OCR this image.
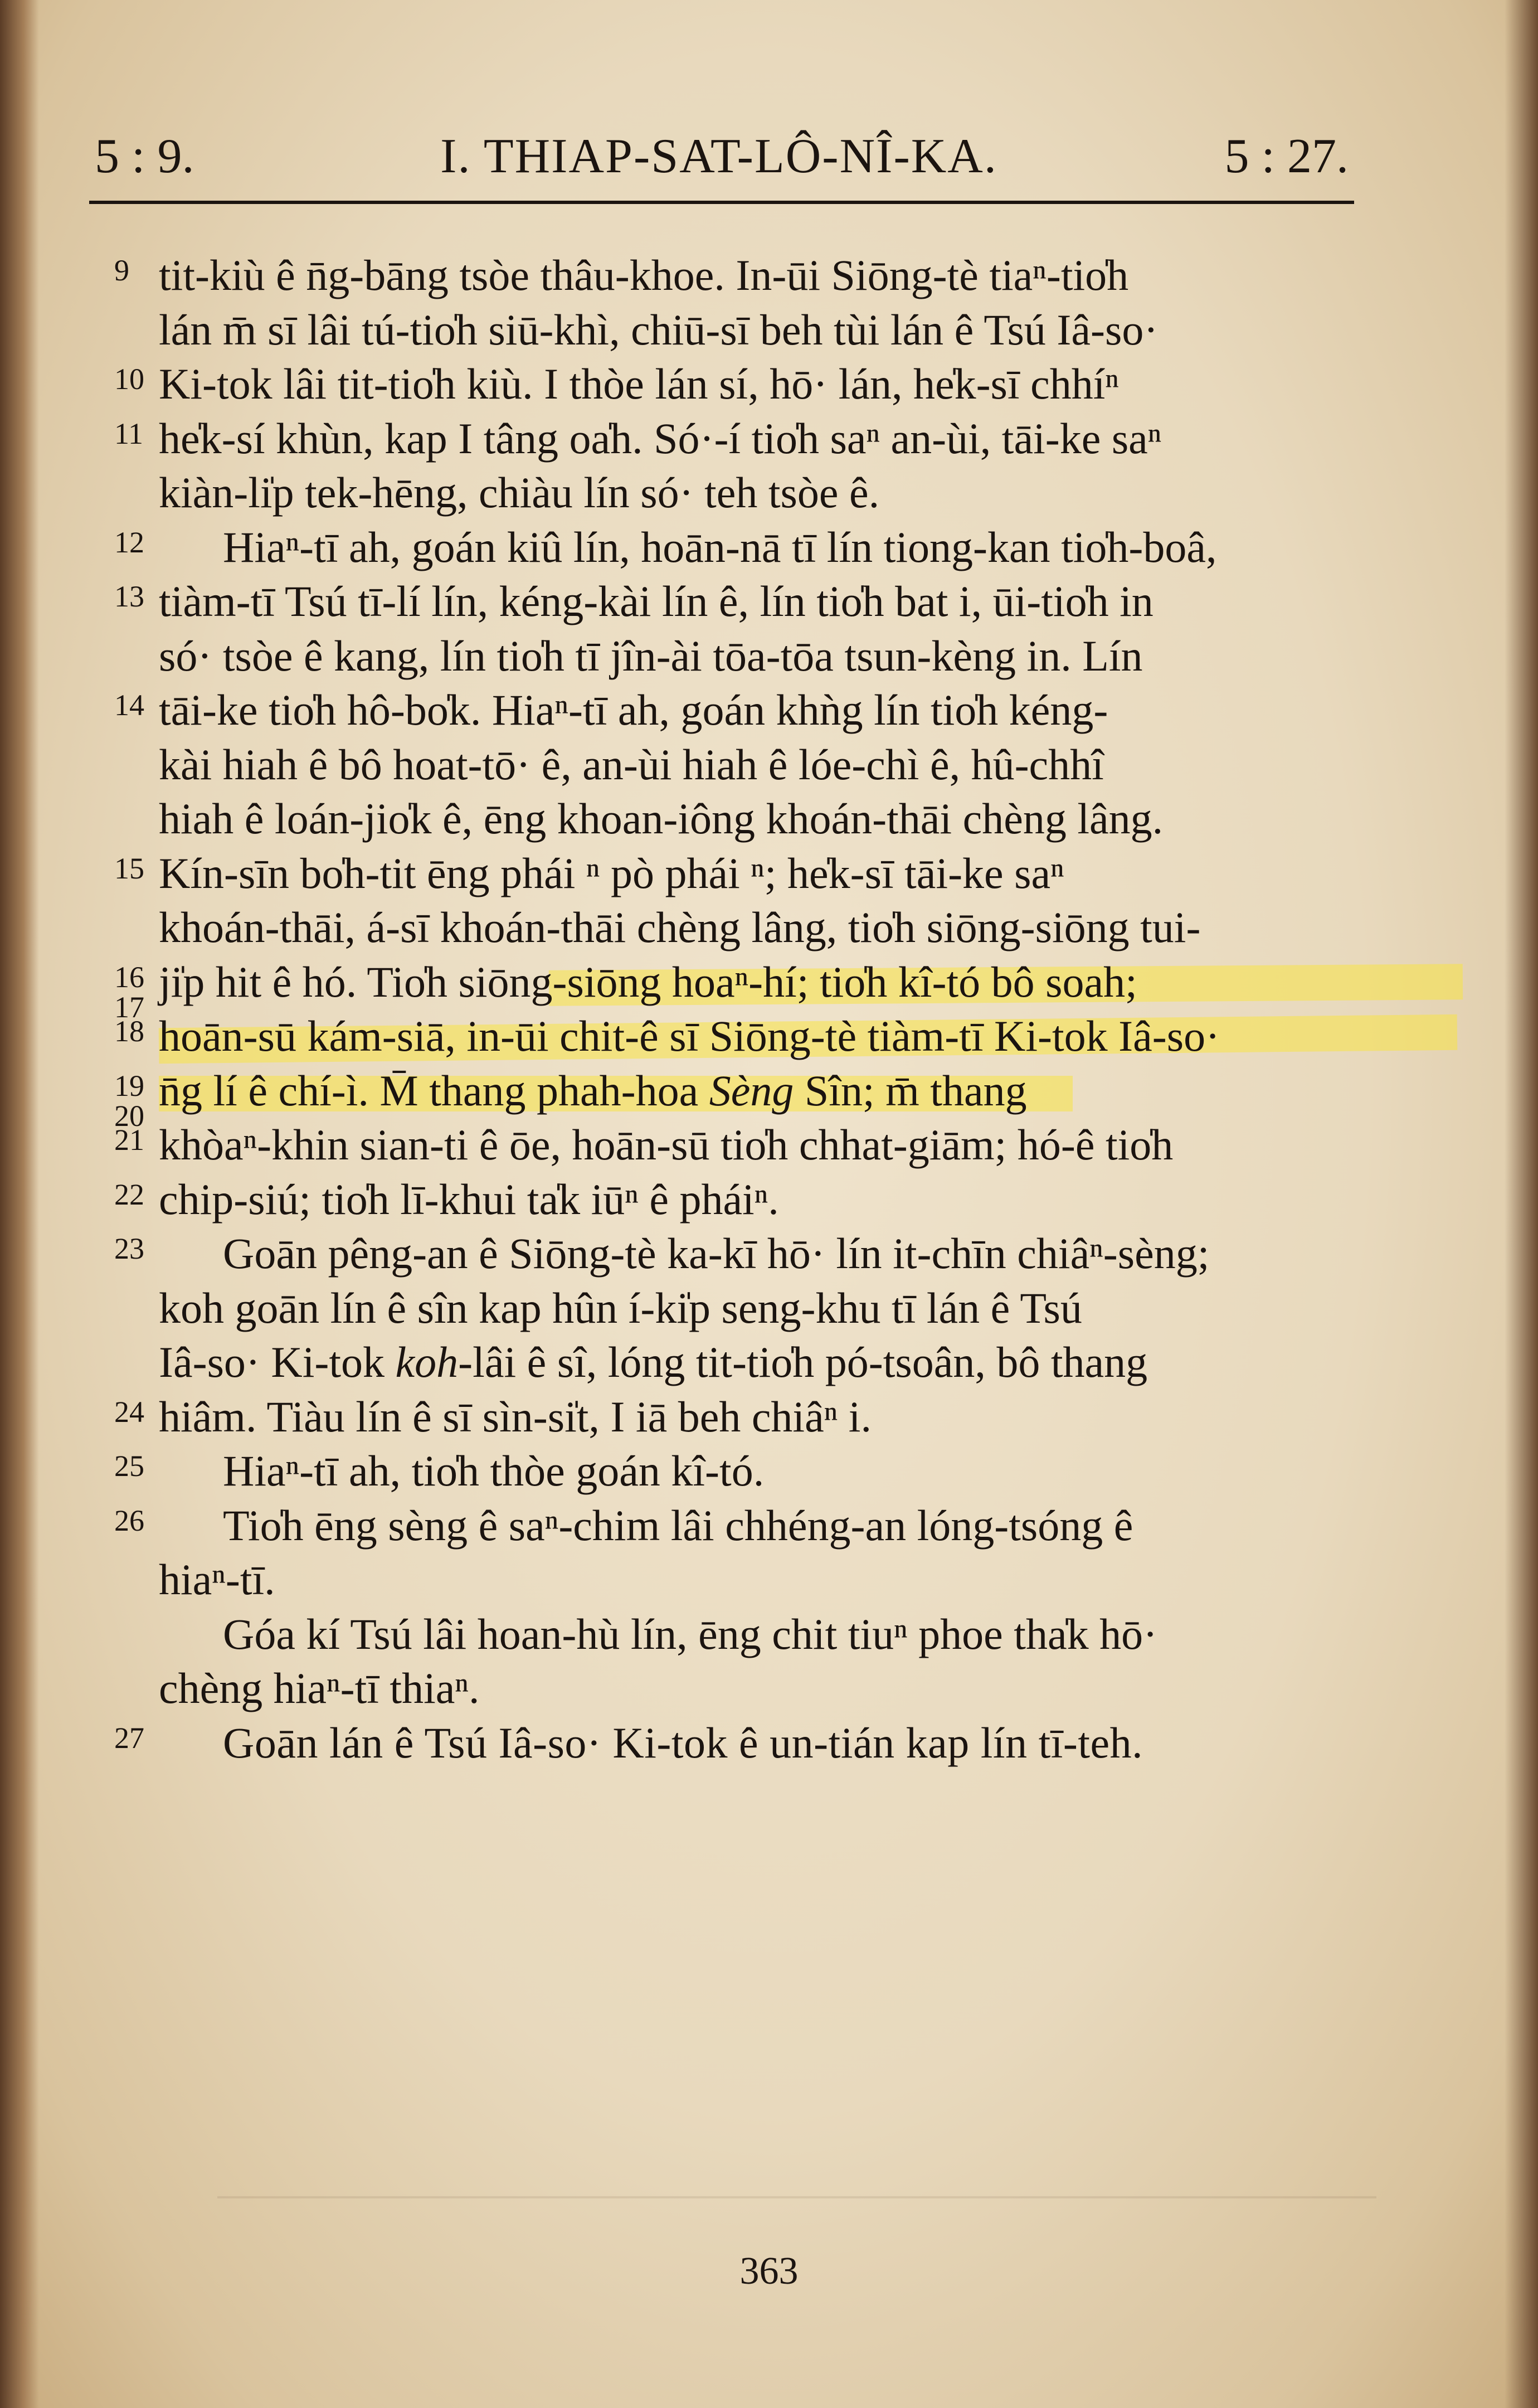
5 : 9.	I. THIAP-SAT-LÔ-NÎ-KA.	5 : 27.
9 tit-kiù ê n̄g-bāng tsòe thâu-khoe. In-ūi Siōng-tè tiaⁿ-tio̍h
lán m̄ sī lâi tú-tio̍h siū-khì, chiū-sī beh tùi lán ê Tsú Iâ-so·
10 Ki-tok lâi tit-tio̍h kiù. I thòe lán sí, hō· lán, he̍k-sī chhíⁿ
11 he̍k-sí khùn, kap I tâng oa̍h. Só·-í tio̍h saⁿ an-ùi, tāi-ke saⁿ
kiàn-li̍p tek-hēng, chiàu lín só· teh tsòe ê.
12 Hiaⁿ-tī ah, goán kiû lín, hoān-nā tī lín tiong-kan tio̍h-boâ,
13 tiàm-tī Tsú tī-lí lín, kéng-kài lín ê, lín tio̍h bat i, ūi-tio̍h in
só· tsòe ê kang, lín tio̍h tī jîn-ài tōa-tōa tsun-kèng in. Lín
14 tāi-ke tio̍h hô-bo̍k. Hiaⁿ-tī ah, goán khǹg lín tio̍h kéng-
kài hiah ê bô hoat-tō· ê, an-ùi hiah ê lóe-chì ê, hû-chhî
hiah ê loán-jio̍k ê, ēng khoan-iông khoán-thāi chèng lâng.
15 Kín-sīn bo̍h-tit ēng phái ⁿ pò phái ⁿ; he̍k-sī tāi-ke saⁿ
khoán-thāi, á-sī khoán-thāi chèng lâng, tio̍h siōng-siōng tui-
16
17
ji̍p hit ê hó. Tio̍h siōng-siōng hoaⁿ-hí; tio̍h kî-tó bô soah;
18 hoān-sū kám-siā, in-ūi chit-ê sī Siōng-tè tiàm-tī Ki-tok Iâ-so·
19
20
n̄g lí ê chí-ì. M̄ thang phah-hoa Sèng Sîn; m̄ thang
21 khòaⁿ-khin sian-ti ê ōe, hoān-sū tio̍h chhat-giām; hó-ê tio̍h
22 chip-siú; tio̍h lī-khui ta̍k iūⁿ ê pháiⁿ.
23 Goān pêng-an ê Siōng-tè ka-kī hō· lín it-chīn chiâⁿ-sèng;
koh goān lín ê sîn kap hûn í-ki̍p seng-khu tī lán ê Tsú
Iâ-so· Ki-tok koh-lâi ê sî, lóng tit-tio̍h pó-tsoân, bô thang
24 hiâm. Tiàu lín ê sī sìn-si̍t, I iā beh chiâⁿ i.
25 Hiaⁿ-tī ah, tio̍h thòe goán kî-tó.
26 Tio̍h ēng sèng ê saⁿ-chim lâi chhéng-an lóng-tsóng ê
hiaⁿ-tī.
Góa kí Tsú lâi hoan-hù lín, ēng chit tiuⁿ phoe tha̍k hō·
chèng hiaⁿ-tī thiaⁿ.
27 Goān lán ê Tsú Iâ-so· Ki-tok ê un-tián kap lín tī-teh.
363
